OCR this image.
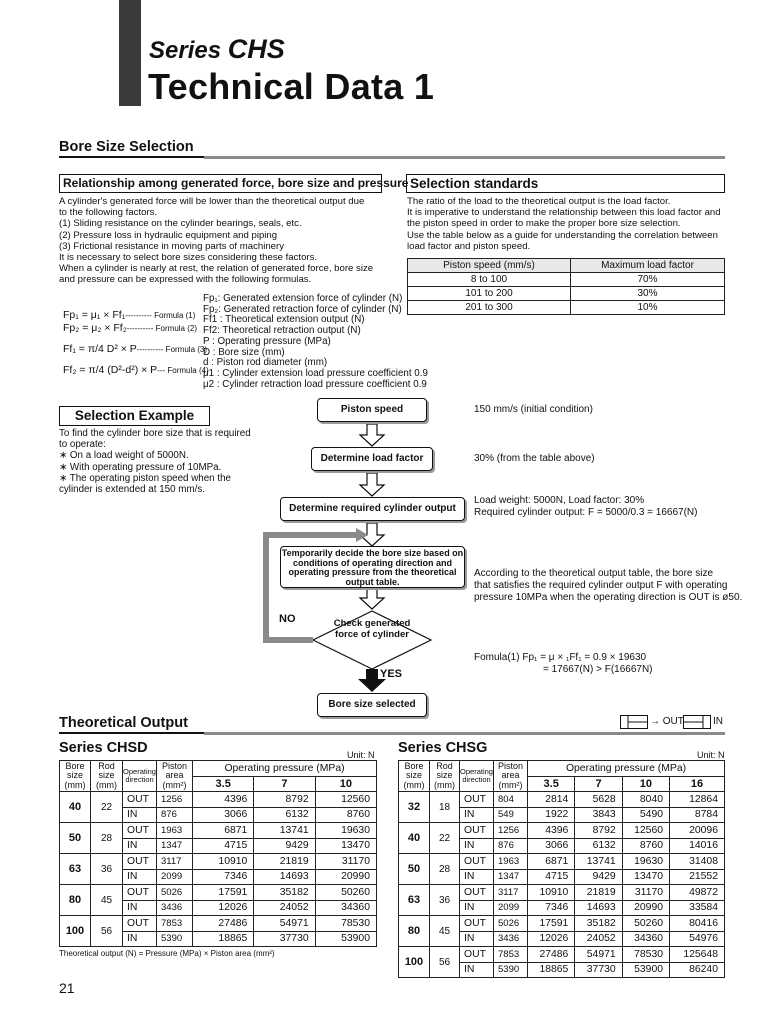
Series CHS
Technical Data 1
Bore Size Selection
Relationship among generated force, bore size and pressure
A cylinder's generated force will be lower than the theoretical output due
to the following factors.
(1) Sliding resistance on the cylinder bearings, seals, etc.
(2) Pressure loss in hydraulic equipment and piping
(3) Frictional resistance in moving parts of machinery
It is necessary to select bore sizes considering these factors.
When a cylinder is nearly at rest, the relation of generated force, bore size
and pressure can be expressed with the following formulas.
Fp₁ = μ₁ × Ff₁---------- Formula (1)
Fp₂ = μ₂ × Ff₂---------- Formula (2)
Ff₁ = π/4 D² × P---------- Formula (3)
Ff₂ = π/4 (D²-d²) × P--- Formula (4)
Fp₁: Generated extension force of cylinder (N)
Fp₂: Generated retraction force of cylinder (N)
Ff1 : Theoretical extension output (N)
Ff2: Theoretical retraction output (N)
P : Operating pressure (MPa)
D : Bore size (mm)
d : Piston rod diameter (mm)
μ1 : Cylinder extension load pressure coefficient 0.9
μ2 : Cylinder retraction load pressure coefficient 0.9
Selection standards
The ratio of the load to the theoretical output is the load factor.
It is imperative to understand the relationship between this load factor and
the piston speed in order to make the proper bore size selection.
Use the table below as a guide for understanding the correlation between
load factor and piston speed.
Piston speed (mm/s)	Maximum load factor
8 to 100	70%
101 to 200	30%
201 to 300	10%
Selection Example
To find the cylinder bore size that is required
to operate:
∗ On a load weight of 5000N.
∗ With operating pressure of 10MPa.
∗ The operating piston speed when the
cylinder is extended at 150 mm/s.
Piston speed
Determine load factor
Determine required cylinder output
Temporarily decide the bore size based on conditions of operating direction and operating pressure from the theoretical output table.
Check generated force of cylinder
NO
YES
Bore size selected
150 mm/s (initial condition)
30% (from the table above)
Load weight: 5000N, Load factor: 30%
Required cylinder output: F = 5000/0.3 = 16667(N)
According to the theoretical output table, the bore size
that satisfies the required cylinder output F with operating
pressure 10MPa when the operating direction is OUT is ø50.
Fomula(1) Fp₁ = μ × ₁Ff₁ = 0.9 × 19630
= 17667(N) > F(16667N)
Theoretical Output	→ OUT	IN
Series CHSD	Unit: N
Bore size (mm)	Rod size (mm)	Operating direction	Piston area (mm²)	Operating pressure (MPa)		
				3.5	7	10
40	22	OUT	1256	4396	8792	12560
		IN	876	3066	6132	8760
50	28	OUT	1963	6871	13741	19630
		IN	1347	4715	9429	13470
63	36	OUT	3117	10910	21819	31170
		IN	2099	7346	14693	20990
80	45	OUT	5026	17591	35182	50260
		IN	3436	12026	24052	34360
100	56	OUT	7853	27486	54971	78530
		IN	5390	18865	37730	53900
Theoretical output (N) = Pressure (MPa) × Piston area (mm²)
Series CHSG	Unit: N
Bore size (mm)	Rod size (mm)	Operating direction	Piston area (mm²)	Operating pressure (MPa)			
				3.5	7	10	16
32	18	OUT	804	2814	5628	8040	12864
		IN	549	1922	3843	5490	8784
40	22	OUT	1256	4396	8792	12560	20096
		IN	876	3066	6132	8760	14016
50	28	OUT	1963	6871	13741	19630	31408
		IN	1347	4715	9429	13470	21552
63	36	OUT	3117	10910	21819	31170	49872
		IN	2099	7346	14693	20990	33584
80	45	OUT	5026	17591	35182	50260	80416
		IN	3436	12026	24052	34360	54976
100	56	OUT	7853	27486	54971	78530	125648
		IN	5390	18865	37730	53900	86240
21
